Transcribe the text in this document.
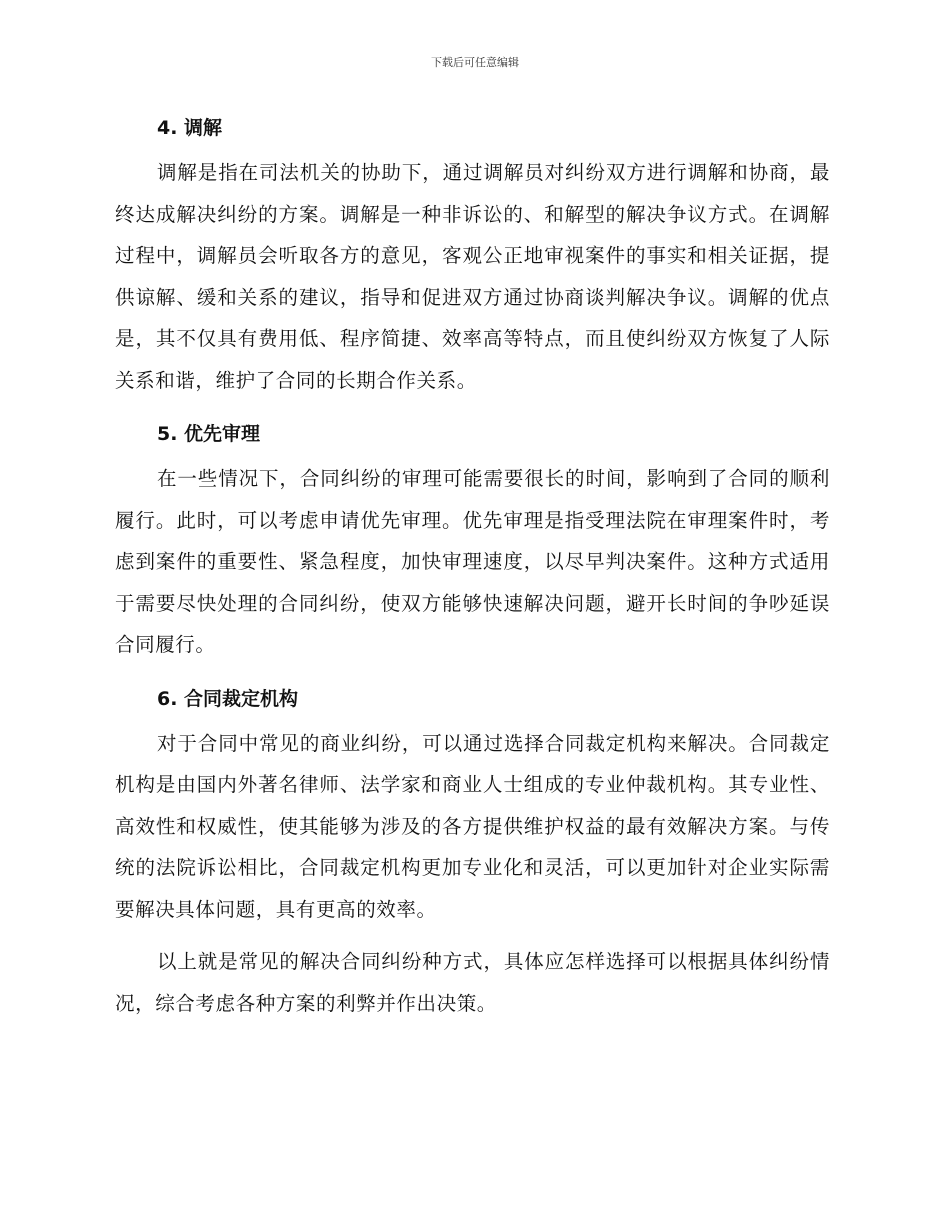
下载后可任意编辑
4. 调解

调解是指在司法机关的协助下，通过调解员对纠纷双方进行调解和协商，最终达成解决纠纷的方案。调解是一种非诉讼的、和解型的解决争议方式。在调解过程中，调解员会听取各方的意见，客观公正地审视案件的事实和相关证据，提供谅解、缓和关系的建议，指导和促进双方通过协商谈判解决争议。调解的优点是，其不仅具有费用低、程序简捷、效率高等特点，而且使纠纷双方恢复了人际关系和谐，维护了合同的长期合作关系。

5. 优先审理

在一些情况下，合同纠纷的审理可能需要很长的时间，影响到了合同的顺利履行。此时，可以考虑申请优先审理。优先审理是指受理法院在审理案件时，考虑到案件的重要性、紧急程度，加快审理速度，以尽早判决案件。这种方式适用于需要尽快处理的合同纠纷，使双方能够快速解决问题，避开长时间的争吵延误合同履行。

6. 合同裁定机构

对于合同中常见的商业纠纷，可以通过选择合同裁定机构来解决。合同裁定机构是由国内外著名律师、法学家和商业人士组成的专业仲裁机构。其专业性、高效性和权威性，使其能够为涉及的各方提供维护权益的最有效解决方案。与传统的法院诉讼相比，合同裁定机构更加专业化和灵活，可以更加针对企业实际需要解决具体问题，具有更高的效率。

以上就是常见的解决合同纠纷种方式，具体应怎样选择可以根据具体纠纷情况，综合考虑各种方案的利弊并作出决策。
